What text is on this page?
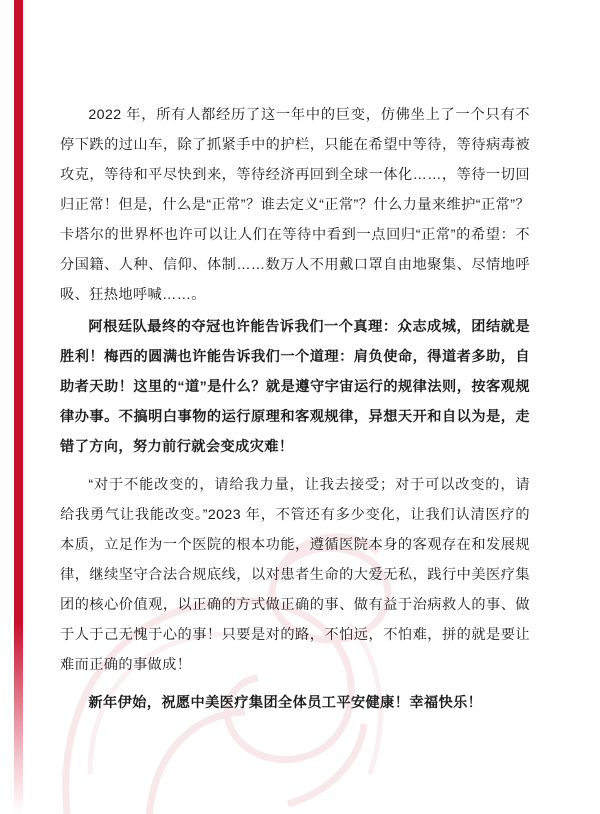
2022 年，所有人都经历了这一年中的巨变，仿佛坐上了一个只有不停下跌的过山车，除了抓紧手中的护栏，只能在希望中等待，等待病毒被攻克，等待和平尽快到来，等待经济再回到全球一体化……，等待一切回归正常！但是，什么是“正常”？谁去定义“正常”？什么力量来维护“正常”？卡塔尔的世界杯也许可以让人们在等待中看到一点回归“正常”的希望：不分国籍、人种、信仰、体制……数万人不用戴口罩自由地聚集、尽情地呼吸、狂热地呼喊……。

阿根廷队最终的夺冠也许能告诉我们一个真理：众志成城，团结就是胜利！梅西的圆满也许能告诉我们一个道理：肩负使命，得道者多助，自助者天助！这里的“道”是什么？就是遵守宇宙运行的规律法则，按客观规律办事。不搞明白事物的运行原理和客观规律，异想天开和自以为是，走错了方向，努力前行就会变成灾难！

“对于不能改变的，请给我力量，让我去接受；对于可以改变的，请给我勇气让我能改变。”2023 年，不管还有多少变化，让我们认清医疗的本质，立足作为一个医院的根本功能，遵循医院本身的客观存在和发展规律，继续坚守合法合规底线，以对患者生命的大爱无私，践行中美医疗集团的核心价值观，以正确的方式做正确的事、做有益于治病救人的事、做于人于己无愧于心的事！只要是对的路，不怕远，不怕难，拼的就是要让难而正确的事做成！

新年伊始，祝愿中美医疗集团全体员工平安健康！幸福快乐！
